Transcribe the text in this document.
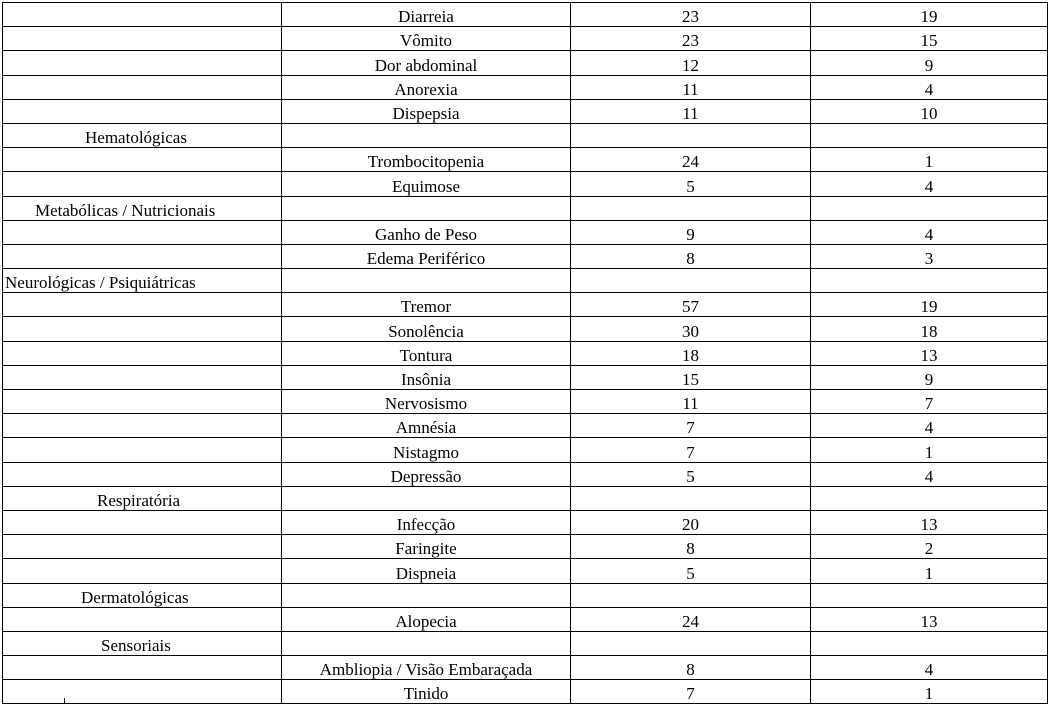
	Diarreia	23	19
	Vômito	23	15
	Dor abdominal	12	9
	Anorexia	11	4
	Dispepsia	11	10
Hematológicas			
	Trombocitopenia	24	1
	Equimose	5	4
Metabólicas / Nutricionais			
	Ganho de Peso	9	4
	Edema Periférico	8	3
Neurológicas / Psiquiátricas			
	Tremor	57	19
	Sonolência	30	18
	Tontura	18	13
	Insônia	15	9
	Nervosismo	11	7
	Amnésia	7	4
	Nistagmo	7	1
	Depressão	5	4
Respiratória			
	Infecção	20	13
	Faringite	8	2
	Dispneia	5	1
Dermatológicas			
	Alopecia	24	13
Sensoriais			
	Ambliopia / Visão Embaraçada	8	4
	Tinido	7	1
